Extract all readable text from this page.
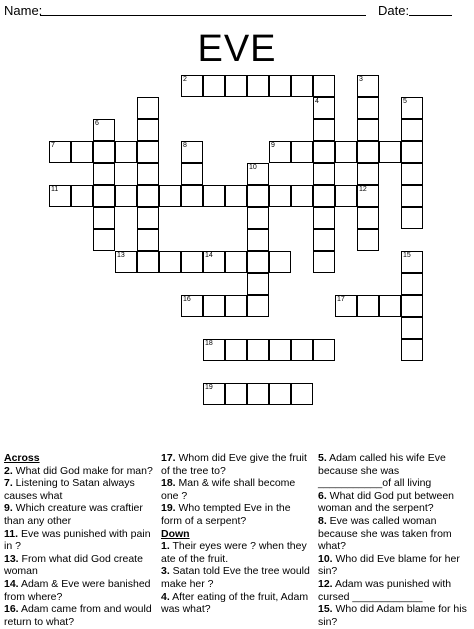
Name:	Date:
EVE
2	3
12
4	5
6
7	8	9
10
11
13	14	15
16	17
18
19
Across
2. What did God make for man?
7. Listening to Satan always causes what
9. Which creature was craftier than any other
11. Eve was punished with pain in ?
13. From what did God create woman
14. Adam & Eve were banished from where?
16. Adam came from and would return to what?
17. Whom did Eve give the fruit of the tree to?
18. Man & wife shall become one ?
19. Who tempted Eve in the form of a serpent?
Down
1. Their eyes were ? when they ate of the fruit.
3. Satan told Eve the tree would make her ?
4. After eating of the fruit, Adam was what?
5. Adam called his wife Eve because she was ___________of all living
6. What did God put between woman and the serpent?
8. Eve was called woman because she was taken from what?
10. Who did Eve blame for her sin?
12. Adam was punished with cursed ____________
15. Who did Adam blame for his sin?
